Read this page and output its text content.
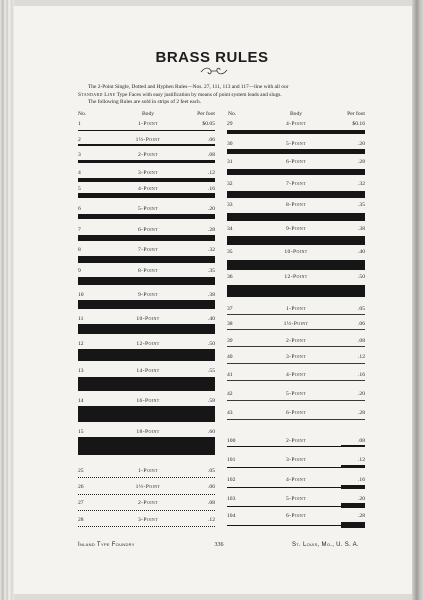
BRASS RULES

The 2-Point Single, Dotted and Hyphen Rules—Nos. 27, 111, 113 and 117—line with all our

Standard Line Type Faces with easy justification by means of point system leads and slugs.

The following Rules are sold in strips of 2 feet each.

No.	Body	Per foot No.	Body	Per foot
1	1-Point	$0.05
2	1½-Point	.06
3	2-Point	.08
4	3-Point	.12
5	4-Point	.16
6	5-Point	.20
7	6-Point	.28
8	7-Point	.32
9	8-Point	.35
10	9-Point	.38
11	10-Point	.40
12	12-Point	.50
13	14-Point	.55
14	16-Point	.58
15	18-Point	.60
25	1-Point	.05
26	1½-Point	.06
27	2-Point	.08
28	3-Point	.12
29	4-Point	$0.16
30	5-Point	.20
31	6-Point	.28
32	7-Point	.32
33	8-Point	.35
34	9-Point	.38
35	10-Point	.40
36	12-Point	.50
37	1-Point	.05
38	1½-Point	.06
39	2-Point	.08
40	3-Point	.12
41	4-Point	.16
42	5-Point	.20
43	6-Point	.28
100	2-Point	.08
101	3-Point	.12
102	4-Point	.16
103	5-Point	.20
104	6-Point	.28
Inland Type Foundry	336	St. Louis, Mo., U. S. A.
